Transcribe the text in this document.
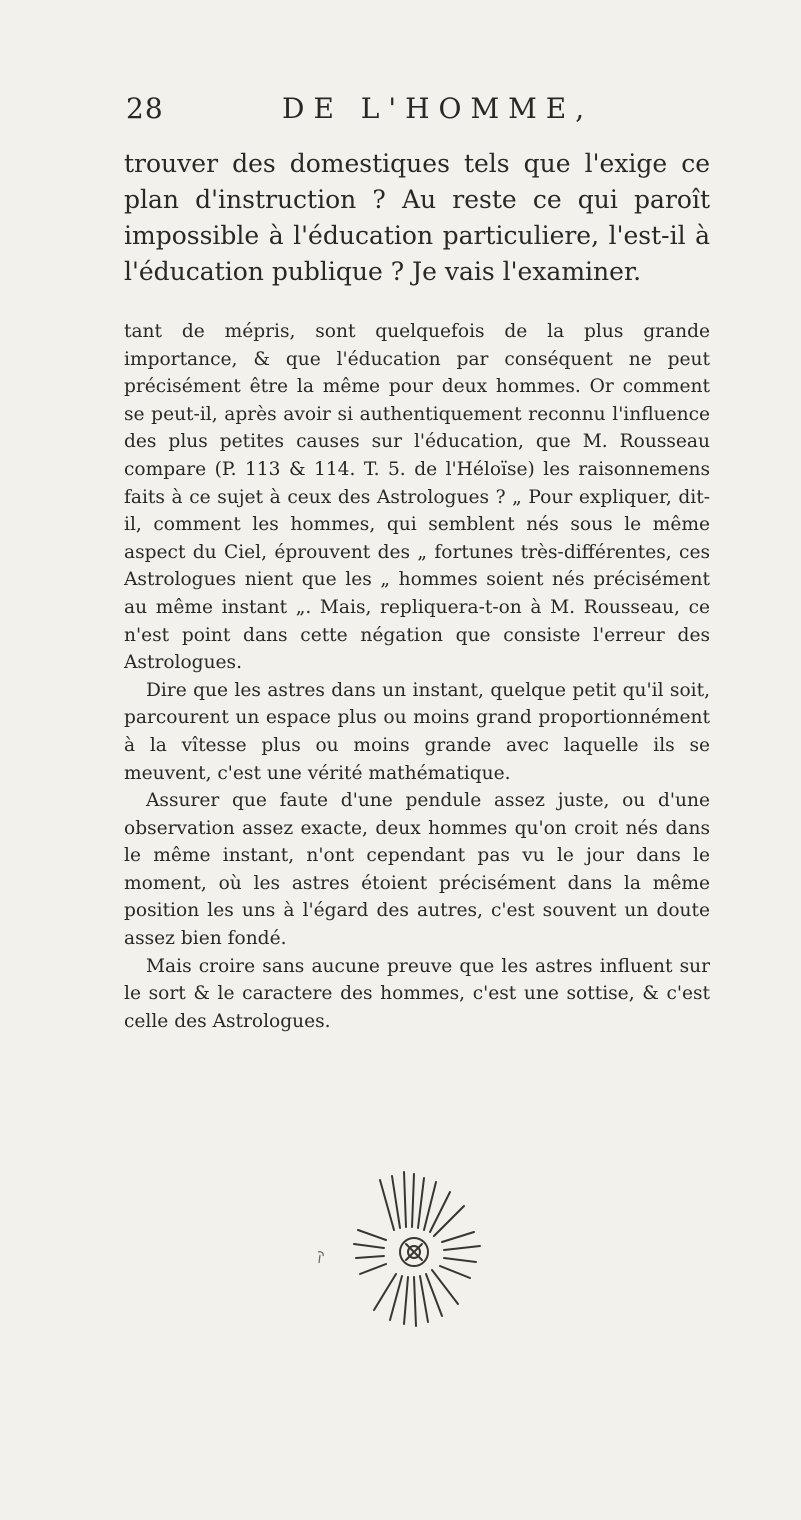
28	DE L'HOMME,

trouver des domestiques tels que l'exige ce plan d'instruction ? Au reste ce qui paroît impossible à l'éducation particuliere, l'est-il à l'éducation publique ? Je vais l'examiner.

tant de mépris, sont quelquefois de la plus grande importance, & que l'éducation par conséquent ne peut précisément être la même pour deux hommes. Or comment se peut-il, après avoir si authentiquement reconnu l'influence des plus petites causes sur l'éducation, que M. Rousseau compare (P. 113 & 114. T. 5. de l'Héloïse) les raisonnemens faits à ce sujet à ceux des Astrologues ? „ Pour expliquer, dit-il, comment les hommes, qui semblent nés sous le même aspect du Ciel, éprouvent des „ fortunes très-différentes, ces Astrologues nient que les „ hommes soient nés précisément au même instant „. Mais, repliquera-t-on à M. Rousseau, ce n'est point dans cette négation que consiste l'erreur des Astrologues.

Dire que les astres dans un instant, quelque petit qu'il soit, parcourent un espace plus ou moins grand proportionnément à la vîtesse plus ou moins grande avec laquelle ils se meuvent, c'est une vérité mathématique.

Assurer que faute d'une pendule assez juste, ou d'une observation assez exacte, deux hommes qu'on croit nés dans le même instant, n'ont cependant pas vu le jour dans le moment, où les astres étoient précisément dans la même position les uns à l'égard des autres, c'est souvent un doute assez bien fondé.

Mais croire sans aucune preuve que les astres influent sur le sort & le caractere des hommes, c'est une sottise, & c'est celle des Astrologues.
